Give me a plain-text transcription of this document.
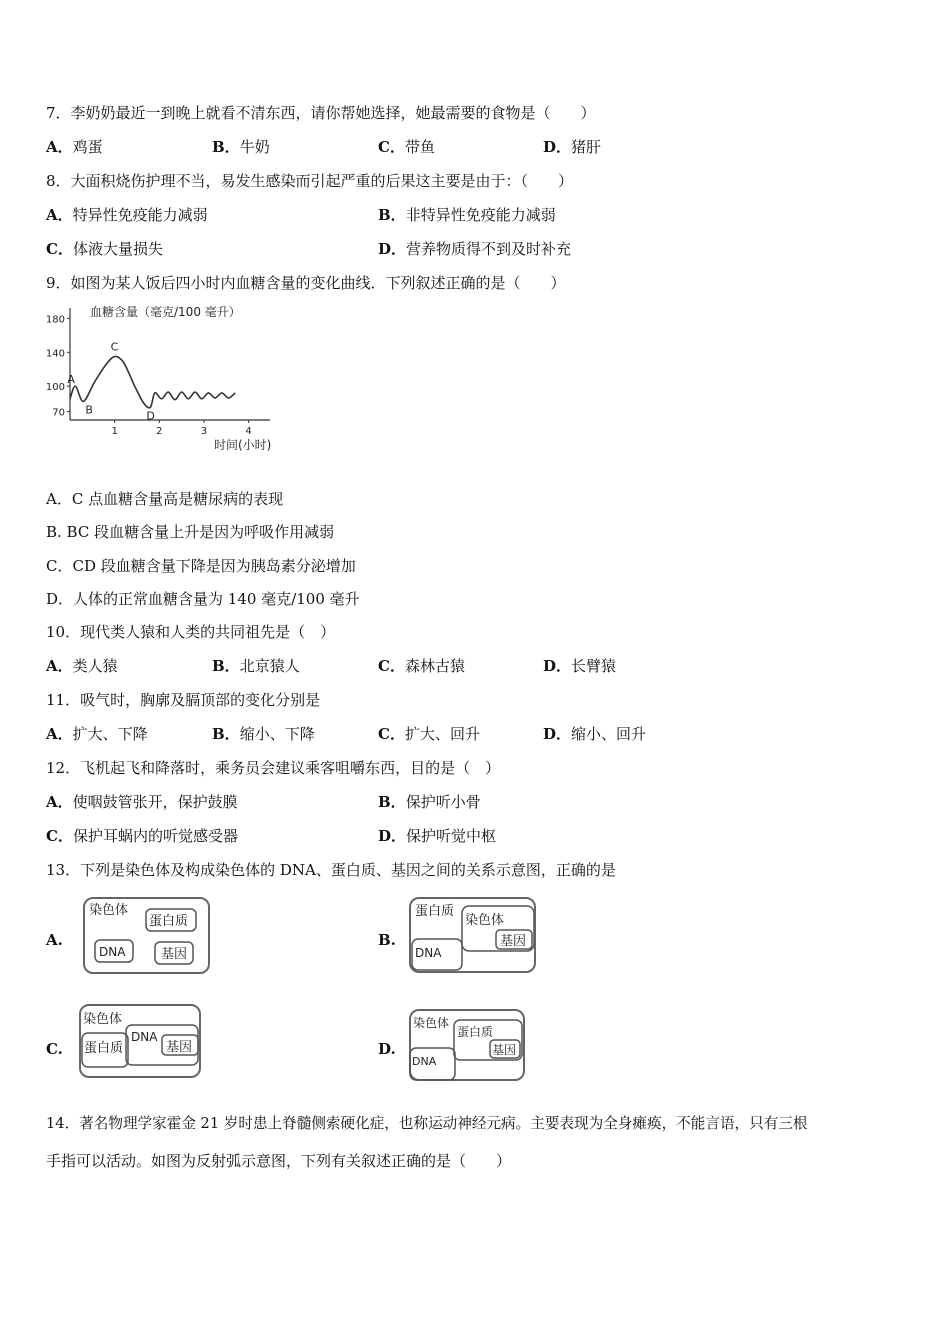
7．李奶奶最近一到晚上就看不清东西，请你帮她选择，她最需要的食物是（　　）
A．鸡蛋	B．牛奶	C．带鱼	D．猪肝
8．大面积烧伤护理不当，易发生感染而引起严重的后果这主要是由于：（　　）
A．特异性免疫能力减弱	B．非特异性免疫能力减弱
C．体液大量损失	D．营养物质得不到及时补充
9．如图为某人饭后四小时内血糖含量的变化曲线．下列叙述正确的是（　　）
血糖含量（毫克/100 毫升）
时间(小时)
180
140
100
70
1	2	3	4
A
B
C
D
A．C 点血糖含量高是糖尿病的表现
B. BC 段血糖含量上升是因为呼吸作用减弱
C．CD 段血糖含量下降是因为胰岛素分泌增加
D．人体的正常血糖含量为 140 毫克/100 毫升
10．现代类人猿和人类的共同祖先是（　）
A．类人猿	B．北京猿人	C．森林古猿	D．长臂猿
11．吸气时，胸廓及膈顶部的变化分别是
A．扩大、下降	B．缩小、下降	C．扩大、回升	D．缩小、回升
12．飞机起飞和降落时，乘务员会建议乘客咀嚼东西，目的是（　）
A．使咽鼓管张开，保护鼓膜	B．保护听小骨
C．保护耳蜗内的听觉感受器	D．保护听觉中枢
13．下列是染色体及构成染色体的 DNA、蛋白质、基因之间的关系示意图，正确的是
A.
染色体
蛋白质
DNA	基因
B.
蛋白质
染色体
基因
DNA
C.
染色体
蛋白质
DNA
基因	D.
染色体
蛋白质
基因
DNA
14．著名物理学家霍金 21 岁时患上脊髓侧索硬化症，也称运动神经元病。主要表现为全身瘫痪，不能言语，只有三根
手指可以活动。如图为反射弧示意图，下列有关叙述正确的是（　　）
